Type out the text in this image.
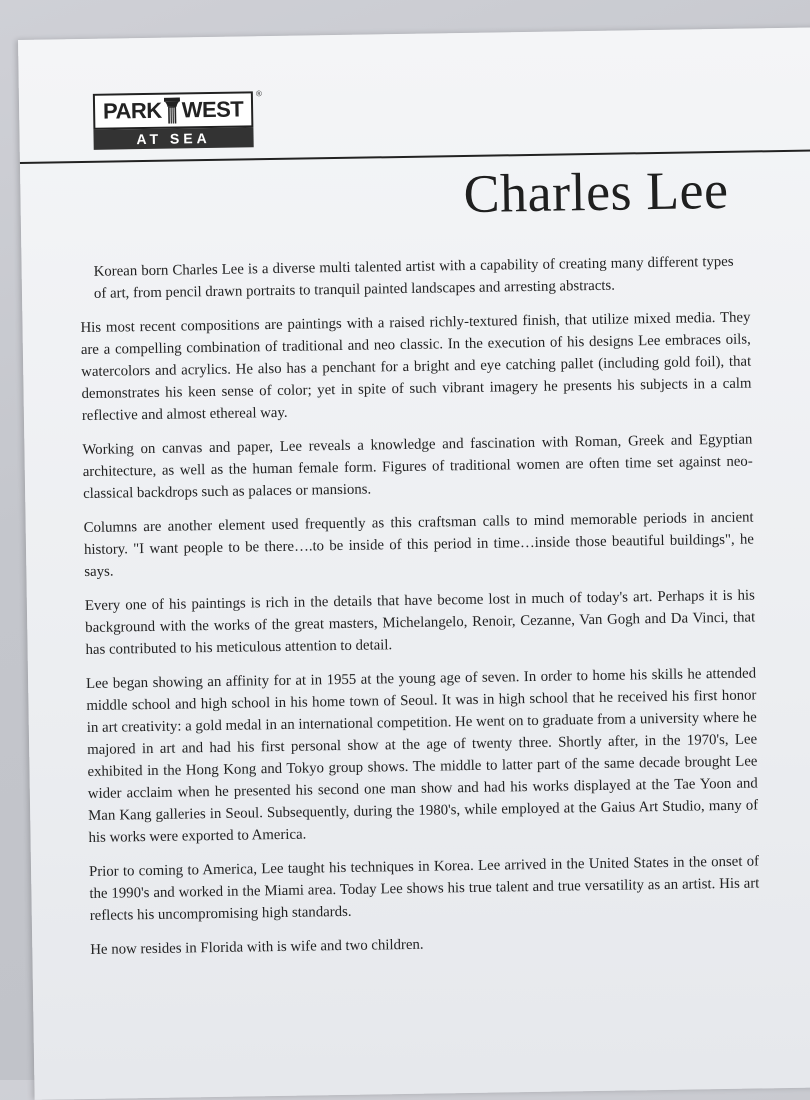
PARK WEST
AT SEA
®
Charles Lee

Korean born Charles Lee is a diverse multi talented artist with a capability of creating many different types of art, from pencil drawn portraits to tranquil painted landscapes and arresting abstracts.

His most recent compositions are paintings with a raised richly-textured finish, that utilize mixed media. They are a compelling combination of traditional and neo classic. In the execution of his designs Lee embraces oils, watercolors and acrylics. He also has a penchant for a bright and eye catching pallet (including gold foil), that demonstrates his keen sense of color; yet in spite of such vibrant imagery he presents his subjects in a calm reflective and almost ethereal way.

Working on canvas and paper, Lee reveals a knowledge and fascination with Roman, Greek and Egyptian architecture, as well as the human female form. Figures of traditional women are often time set against neo-classical backdrops such as palaces or mansions.

Columns are another element used frequently as this craftsman calls to mind memorable periods in ancient history. "I want people to be there….to be inside of this period in time…inside those beautiful buildings", he says.

Every one of his paintings is rich in the details that have become lost in much of today's art. Perhaps it is his background with the works of the great masters, Michelangelo, Renoir, Cezanne, Van Gogh and Da Vinci, that has contributed to his meticulous attention to detail.

Lee began showing an affinity for at in 1955 at the young age of seven. In order to home his skills he attended middle school and high school in his home town of Seoul. It was in high school that he received his first honor in art creativity: a gold medal in an international competition. He went on to graduate from a university where he majored in art and had his first personal show at the age of twenty three. Shortly after, in the 1970's, Lee exhibited in the Hong Kong and Tokyo group shows. The middle to latter part of the same decade brought Lee wider acclaim when he presented his second one man show and had his works displayed at the Tae Yoon and Man Kang galleries in Seoul. Subsequently, during the 1980's, while employed at the Gaius Art Studio, many of his works were exported to America.

Prior to coming to America, Lee taught his techniques in Korea. Lee arrived in the United States in the onset of the 1990's and worked in the Miami area. Today Lee shows his true talent and true versatility as an artist. His art reflects his uncompromising high standards.

He now resides in Florida with is wife and two children.
